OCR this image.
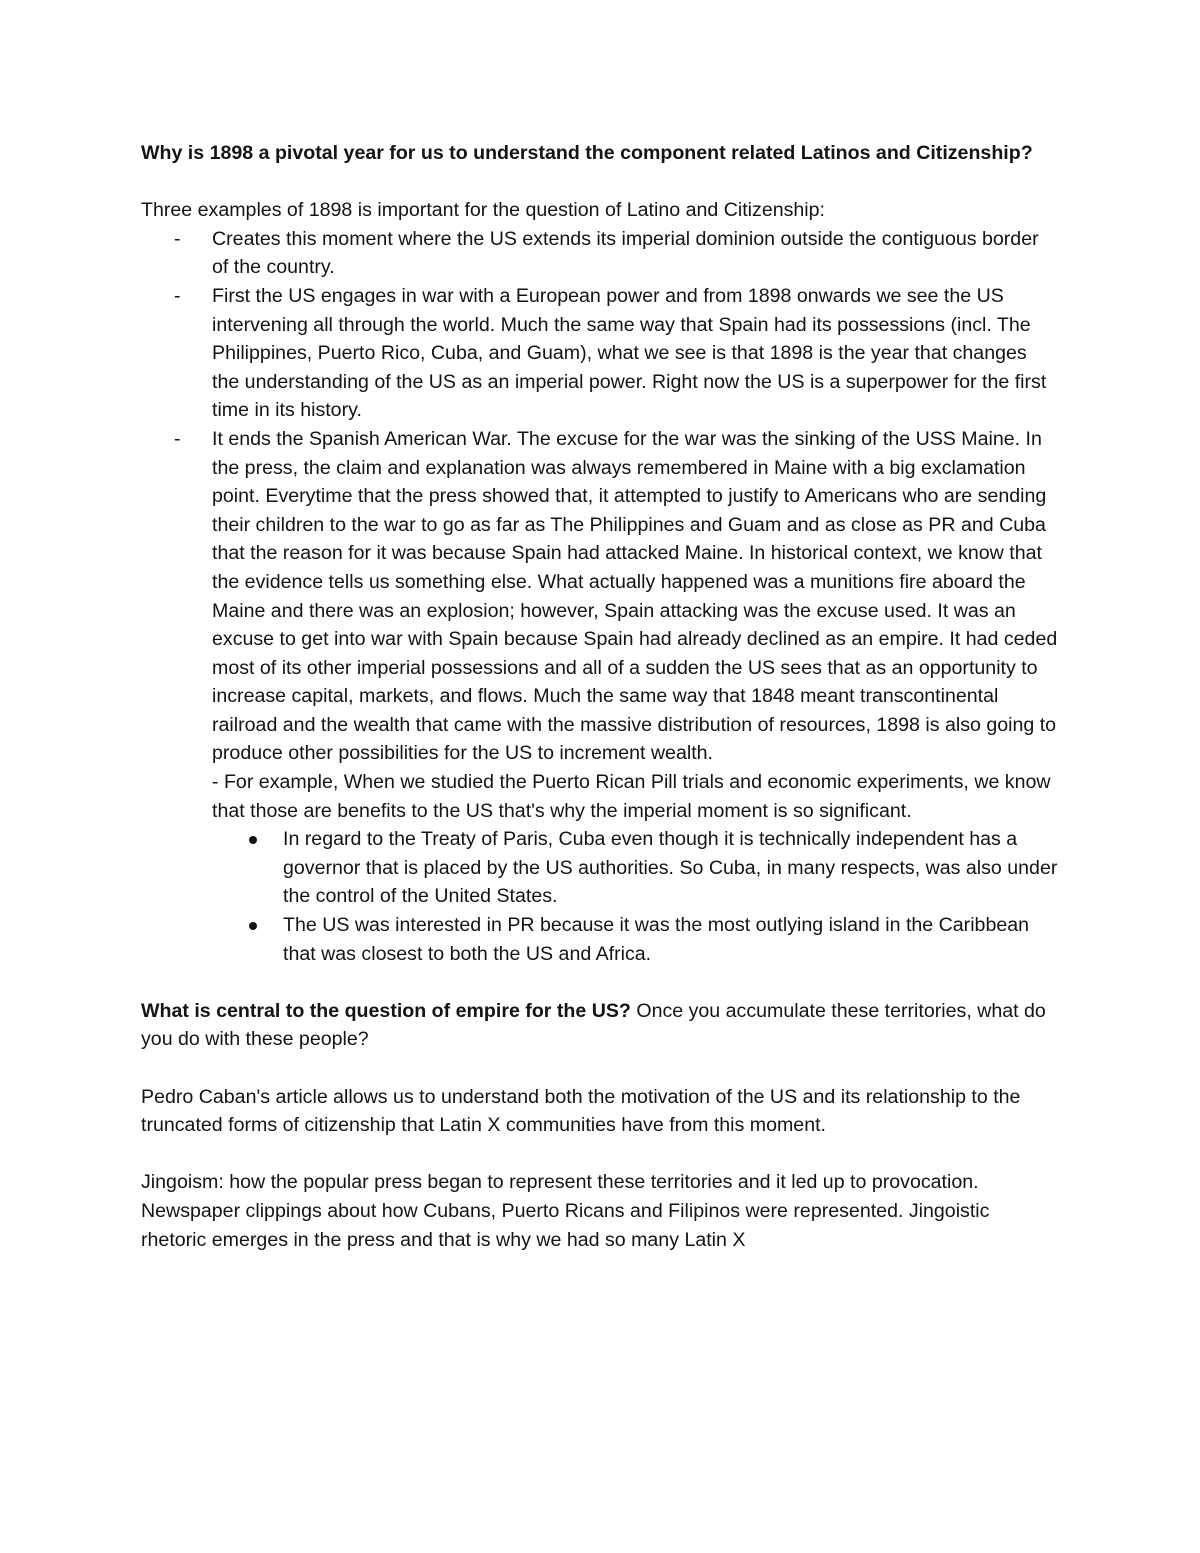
Why is 1898 a pivotal year for us to understand the component related Latinos and Citizenship?

Three examples of 1898 is important for the question of Latino and Citizenship:

- Creates this moment where the US extends its imperial dominion outside the contiguous border of the country.
- First the US engages in war with a European power and from 1898 onwards we see the US intervening all through the world. Much the same way that Spain had its possessions (incl. The Philippines, Puerto Rico, Cuba, and Guam), what we see is that 1898 is the year that changes the understanding of the US as an imperial power. Right now the US is a superpower for the first time in its history.
- It ends the Spanish American War. The excuse for the war was the sinking of the USS Maine. In the press, the claim and explanation was always remembered in Maine with a big exclamation point. Everytime that the press showed that, it attempted to justify to Americans who are sending their children to the war to go as far as The Philippines and Guam and as close as PR and Cuba that the reason for it was because Spain had attacked Maine. In historical context, we know that the evidence tells us something else. What actually happened was a munitions fire aboard the Maine and there was an explosion; however, Spain attacking was the excuse used. It was an excuse to get into war with Spain because Spain had already declined as an empire. It had ceded most of its other imperial possessions and all of a sudden the US sees that as an opportunity to increase capital, markets, and flows. Much the same way that 1848 meant transcontinental railroad and the wealth that came with the massive distribution of resources, 1898 is also going to produce other possibilities for the US to increment wealth.

- For example, When we studied the Puerto Rican Pill trials and economic experiments, we know that those are benefits to the US that's why the imperial moment is so significant.

In regard to the Treaty of Paris, Cuba even though it is technically independent has a governor that is placed by the US authorities. So Cuba, in many respects, was also under the control of the United States.
The US was interested in PR because it was the most outlying island in the Caribbean that was closest to both the US and Africa.

What is central to the question of empire for the US? Once you accumulate these territories, what do you do with these people?

Pedro Caban's article allows us to understand both the motivation of the US and its relationship to the truncated forms of citizenship that Latin X communities have from this moment.

Jingoism: how the popular press began to represent these territories and it led up to provocation. Newspaper clippings about how Cubans, Puerto Ricans and Filipinos were represented. Jingoistic rhetoric emerges in the press and that is why we had so many Latin X
